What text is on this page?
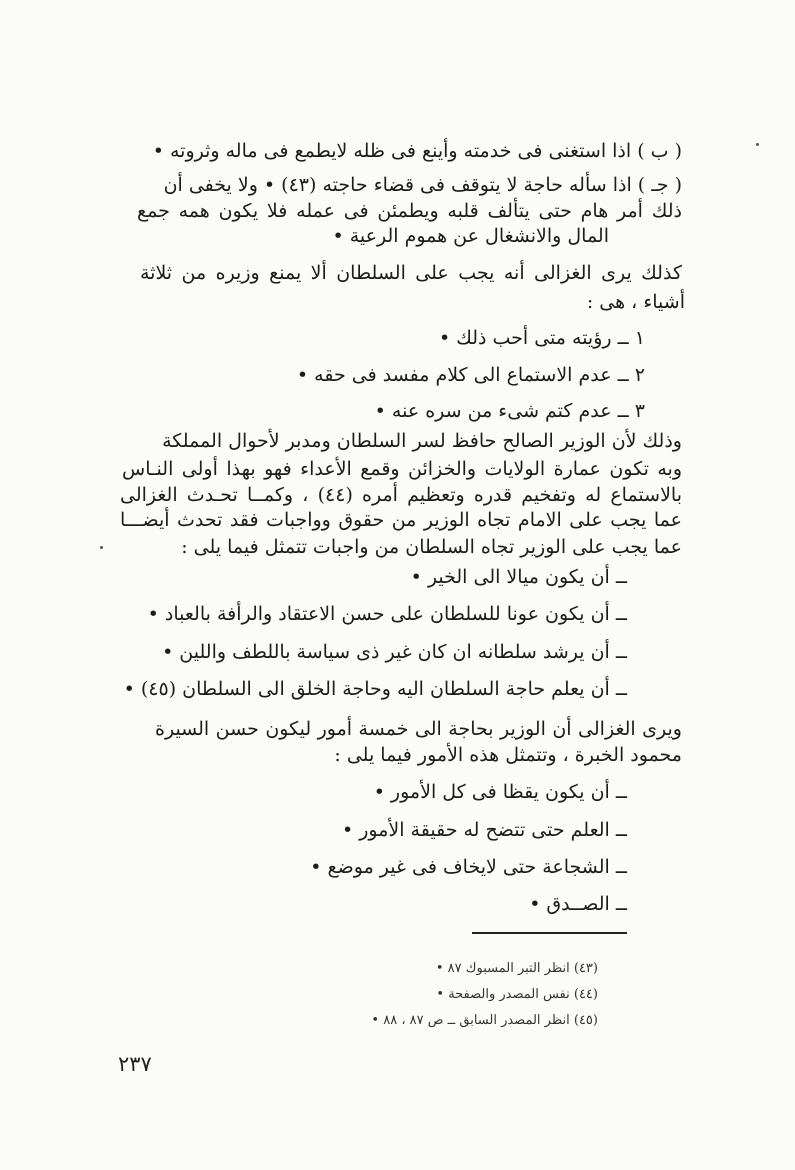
( ب ) اذا استغنى فى خدمته وأينع فى ظله لايطمع فى ماله وثروته •
( جـ ) اذا سأله حاجة لا يتوقف فى قضاء حاجته (٤٣) • ولا يخفى أن
ذلك أمر هام حتى يتألف قلبه ويطمئن فى عمله فلا يكون همه جمع
المال والانشغال عن هموم الرعية •
كذلك يرى الغزالى أنه يجب على السلطان ألا يمنع وزيره من ثلاثة
أشياء ، هى :
١ ــ رؤيته متى أحب ذلك •
٢ ــ عدم الاستماع الى كلام مفسد فى حقه •
٣ ــ عدم كتم شىء من سره عنه •
وذلك لأن الوزير الصالح حافظ لسر السلطان ومدبر لأحوال المملكة
وبه تكون عمارة الولايات والخزائن وقمع الأعداء فهو بهذا أولى النـاس
بالاستماع له وتفخيم قدره وتعظيم أمره (٤٤) ، وكمــا تحـدث الغزالى
عما يجب على الامام تجاه الوزير من حقوق وواجبات فقد تحدث أيضـــا
عما يجب على الوزير تجاه السلطان من واجبات تتمثل فيما يلى :
ــ أن يكون ميالا الى الخير •
ــ أن يكون عونا للسلطان على حسن الاعتقاد والرأفة بالعباد •
ــ أن يرشد سلطانه ان كان غير ذى سياسة باللطف واللين •
ــ أن يعلم حاجة السلطان اليه وحاجة الخلق الى السلطان (٤٥) •
ويرى الغزالى أن الوزير بحاجة الى خمسة أمور ليكون حسن السيرة
محمود الخبرة ، وتتمثل هذه الأمور فيما يلى :
ــ أن يكون يقظا فى كل الأمور •
ــ العلم حتى تتضح له حقيقة الأمور •
ــ الشجاعة حتى لايخاف فى غير موضع •
ــ الصــدق •
(٤٣) انظر التبر المسبوك ٨٧ •
(٤٤) نفس المصدر والصفحة •
(٤٥) انظر المصدر السابق ــ ص ٨٧ ، ٨٨ •
٢٣٧
